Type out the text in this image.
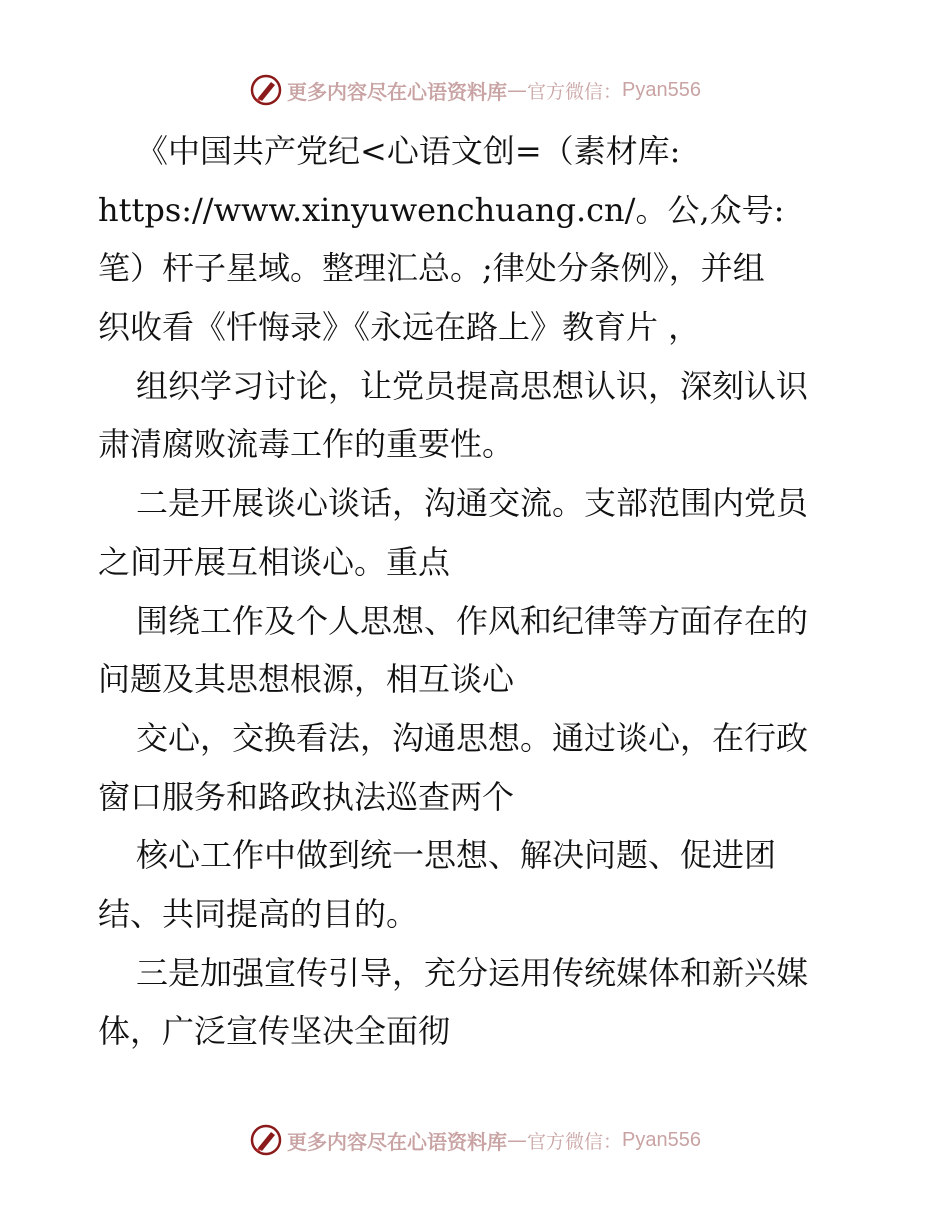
更多内容尽在心语资料库 — 官方微信： Pyan556
《中国共产党纪<心语文创=（素材库:
https://www.xinyuwenchuang.cn/。公,众号:
笔）杆子星域。整理汇总。;律处分条例》，并组
织收看《忏悔录》《永远在路上》教育片 ，
组织学习讨论，让党员提高思想认识，深刻认识
肃清腐败流毒工作的重要性。
二是开展谈心谈话，沟通交流。支部范围内党员
之间开展互相谈心。重点
围绕工作及个人思想、作风和纪律等方面存在的
问题及其思想根源，相互谈心
交心，交换看法，沟通思想。通过谈心，在行政
窗口服务和路政执法巡查两个
核心工作中做到统一思想、解决问题、促进团
结、共同提高的目的。
三是加强宣传引导，充分运用传统媒体和新兴媒
体，广泛宣传坚决全面彻
更多内容尽在心语资料库 — 官方微信： Pyan556
